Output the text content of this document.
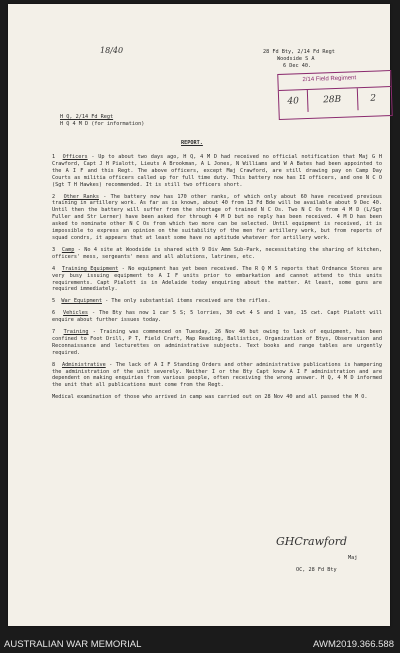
18/40	28 Fd Bty, 2/14 Fd Regt
Woodside S A
6 Dec 40.
2/14 Field Regiment
40	28B	2
H Q, 2/14 Fd Regt
H Q 4 M D (for information)
REPORT.

1 Officers - Up to about two days ago, H Q, 4 M D had received no official notification that Maj G H Crawford, Capt J H Pialott, Lieuts A Brookman, A L Jones, N Williams and W A Bates had been appointed to the A I F and this Regt. The above officers, except Maj Crawford, are still drawing pay on Camp Day Courts as militia officers called up for full time duty. This battery now has II officers, and one N C O (Sgt T H Hawkes) recommended. It is still two officers short.

2 Other Ranks - The battery now has 170 other ranks, of which only about 60 have received previous training in artillery work. As far as is known, about 40 from 13 Fd Bde will be available about 9 Dec 40. Until then the battery will suffer from the shortage of trained N C Os. Two N C Os from 4 M D (L/Sgt Fuller and Str Lerner) have been asked for through 4 M D but no reply has been received. 4 M D has been asked to nominate other N C Os from which two more can be selected. Until equipment is received, it is impossible to express an opinion on the suitability of the men for artillery work, but from reports of squad condrs, it appears that at least some have no aptitude whatever for artillery work.

3 Camp - No 4 site at Woodside is shared with 9 Div Amm Sub-Park, necessitating the sharing of kitchen, officers' mess, sergeants' mess and all ablutions, latrines, etc.

4 Training Equipment - No equipment has yet been received. The R Q M S reports that Ordnance Stores are very busy issuing equipment to A I F units prior to embarkation and cannot attend to this units requirements. Capt Pialott is in Adelaide today enquiring about the matter. At least, some guns are required immediately.

5 War Equipment - The only substantial items received are the rifles.

6 Vehicles - The Bty has now 1 car 5 S; 5 lorries, 30 cwt 4 S and 1 van, 15 cwt. Capt Pialott will enquire about further issues today.

7 Training - Training was commenced on Tuesday, 26 Nov 40 but owing to lack of equipment, has been confined to Foot Drill, P T, Field Craft, Map Reading, Ballistics, Organization of Btys, Observation and Reconnaissance and lecturettes on administrative subjects. Text books and range tables are urgently required.

8 Administrative - The lack of A I F Standing Orders and other administrative publications is hampering the administration of the unit severely. Neither I or the Bty Capt know A I F administration and are dependent on making enquiries from various people, often receiving the wrong answer. H Q, 4 M D informed the unit that all publications must come from the Regt.

Medical examination of those who arrived in camp was carried out on 28 Nov 40 and all passed the M O.

GHCrawford
Maj
OC, 28 Fd Bty
AUSTRALIAN WAR MEMORIAL	AWM2019.366.588
